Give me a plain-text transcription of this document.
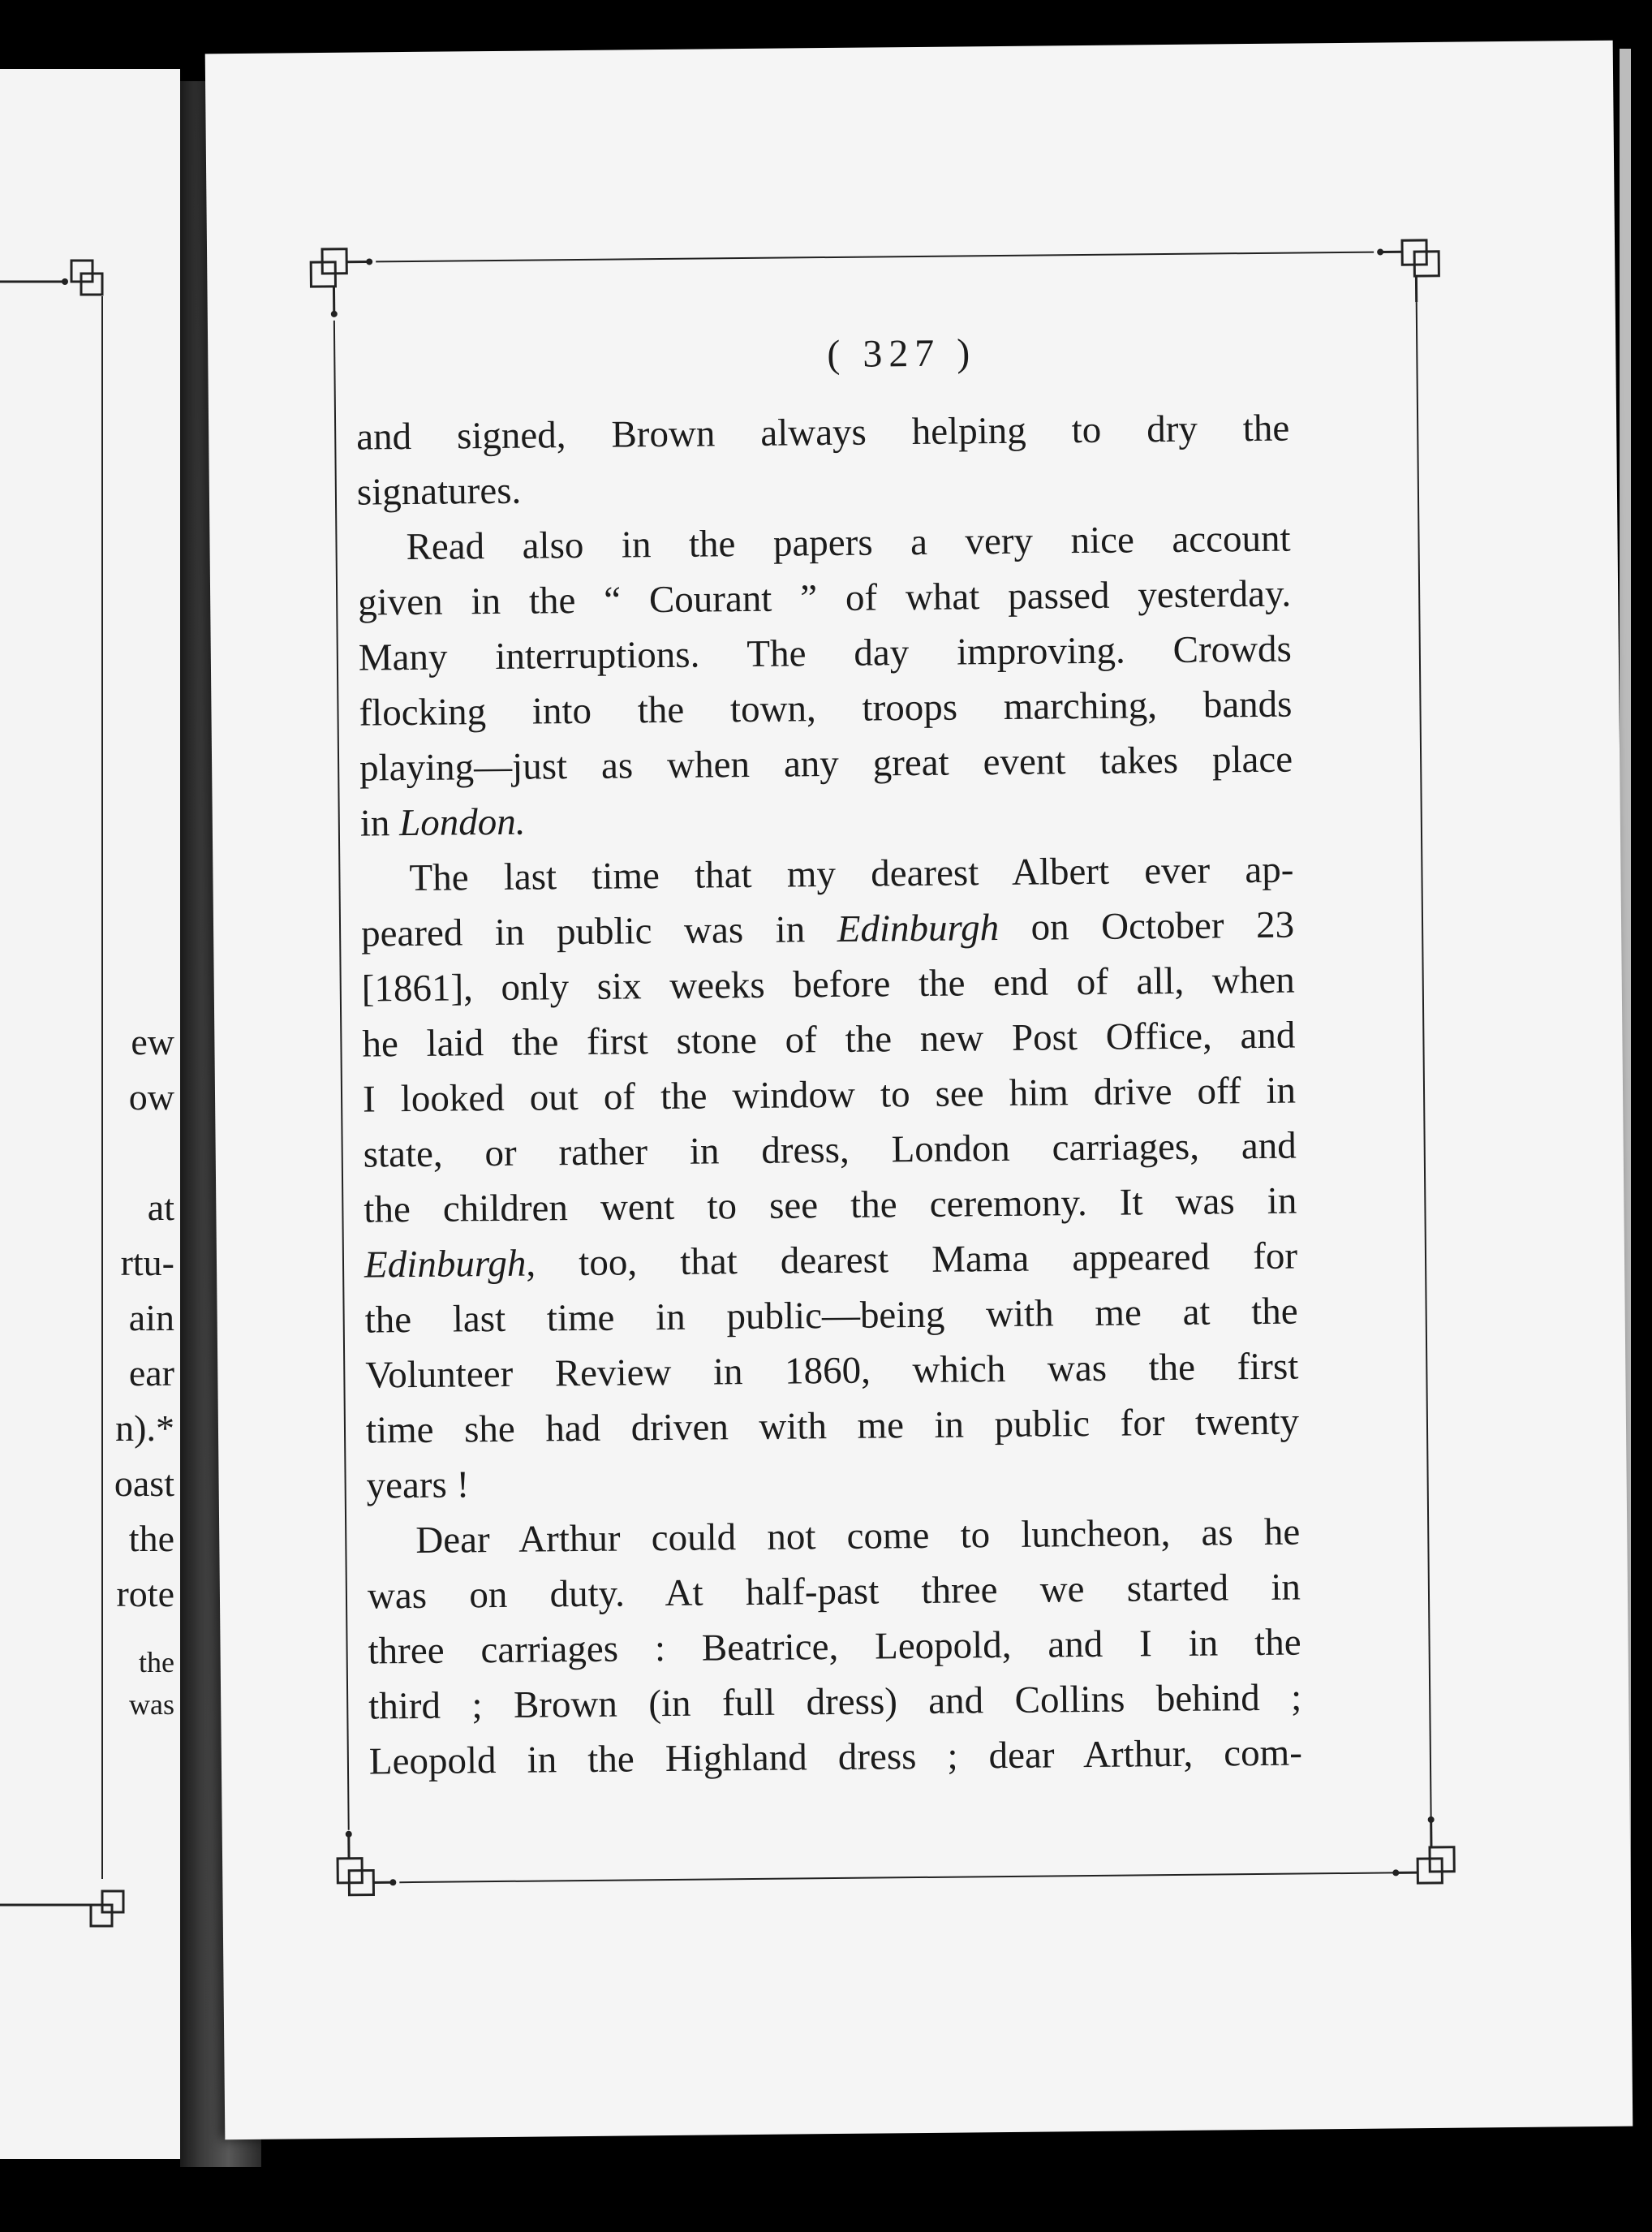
ew
ow
at
rtu-
ain
ear
n).*
oast
the
rote
the
was
( 327 )
and signed, Brown always helping to dry the
signatures.
Read also in the papers a very nice account
given in the “ Courant ” of what passed yesterday.
Many interruptions. The day improving. Crowds
flocking into the town, troops marching, bands
playing—just as when any great event takes place
in London.
The last time that my dearest Albert ever ap-
peared in public was in Edinburgh on October 23
[1861], only six weeks before the end of all, when
he laid the first stone of the new Post Office, and
I looked out of the window to see him drive off in
state, or rather in dress, London carriages, and
the children went to see the ceremony. It was in
Edinburgh, too, that dearest Mama appeared for
the last time in public—being with me at the
Volunteer Review in 1860, which was the first
time she had driven with me in public for twenty
years !
Dear Arthur could not come to luncheon, as he
was on duty. At half-past three we started in
three carriages : Beatrice, Leopold, and I in the
third ; Brown (in full dress) and Collins behind ;
Leopold in the Highland dress ; dear Arthur, com-
